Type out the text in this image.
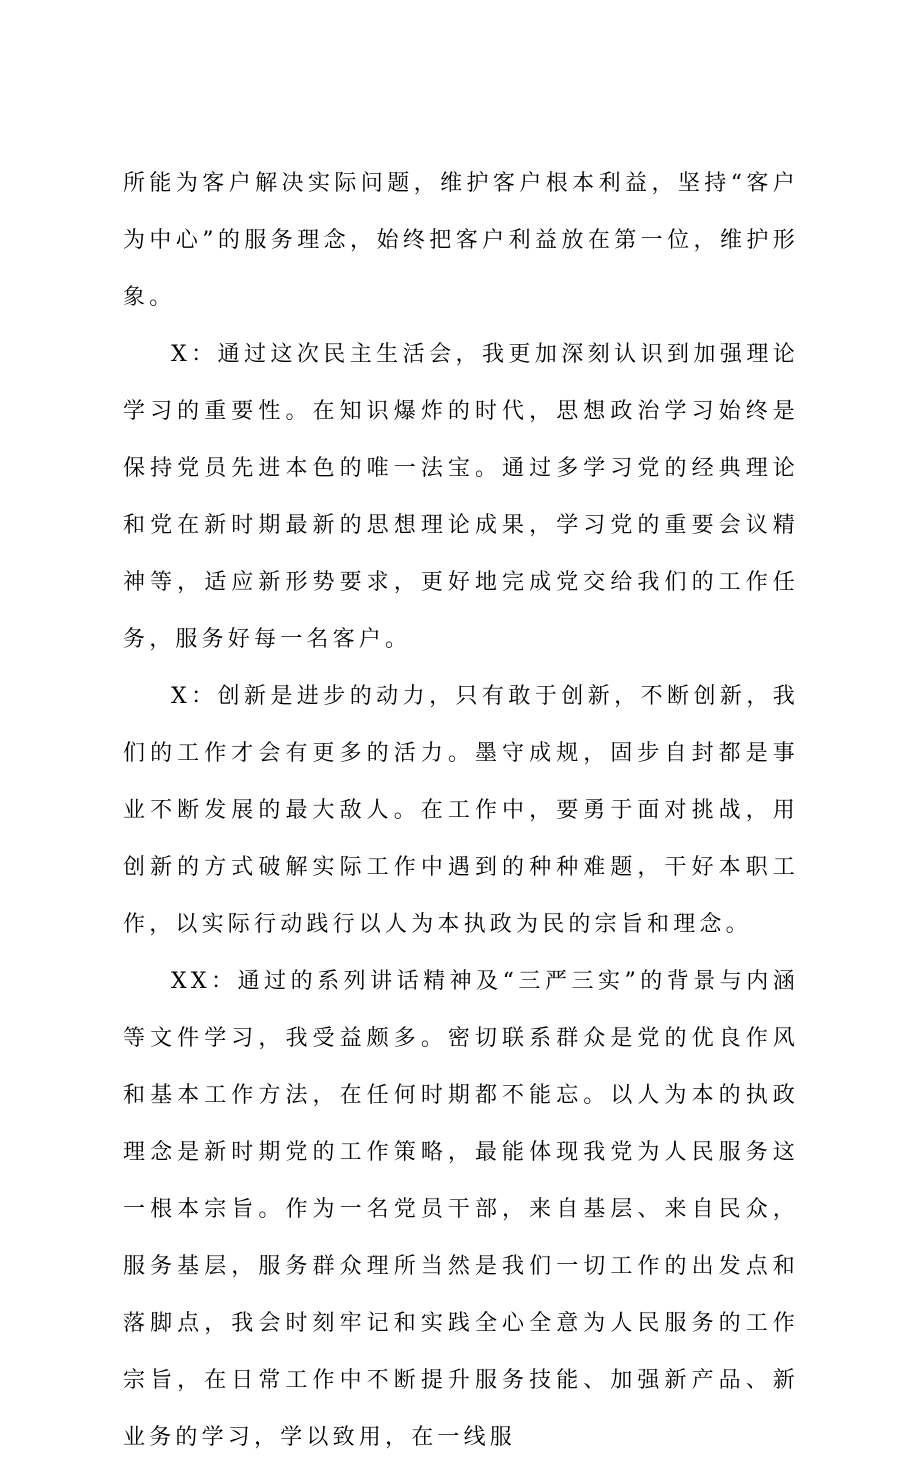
所能为客户解决实际问题，维护客户根本利益，坚持“客户为中心”的服务理念，始终把客户利益放在第一位，维护形象。

X：通过这次民主生活会，我更加深刻认识到加强理论学习的重要性。在知识爆炸的时代，思想政治学习始终是保持党员先进本色的唯一法宝。通过多学习党的经典理论和党在新时期最新的思想理论成果，学习党的重要会议精神等，适应新形势要求，更好地完成党交给我们的工作任务，服务好每一名客户。

X：创新是进步的动力，只有敢于创新，不断创新，我们的工作才会有更多的活力。墨守成规，固步自封都是事业不断发展的最大敌人。在工作中，要勇于面对挑战，用创新的方式破解实际工作中遇到的种种难题，干好本职工作，以实际行动践行以人为本执政为民的宗旨和理念。

XX：通过的系列讲话精神及“三严三实”的背景与内涵等文件学习，我受益颇多。密切联系群众是党的优良作风和基本工作方法，在任何时期都不能忘。以人为本的执政理念是新时期党的工作策略，最能体现我党为人民服务这一根本宗旨。作为一名党员干部，来自基层、来自民众，服务基层，服务群众理所当然是我们一切工作的出发点和落脚点，我会时刻牢记和实践全心全意为人民服务的工作宗旨，在日常工作中不断提升服务技能、加强新产品、新业务的学习，学以致用，在一线服
